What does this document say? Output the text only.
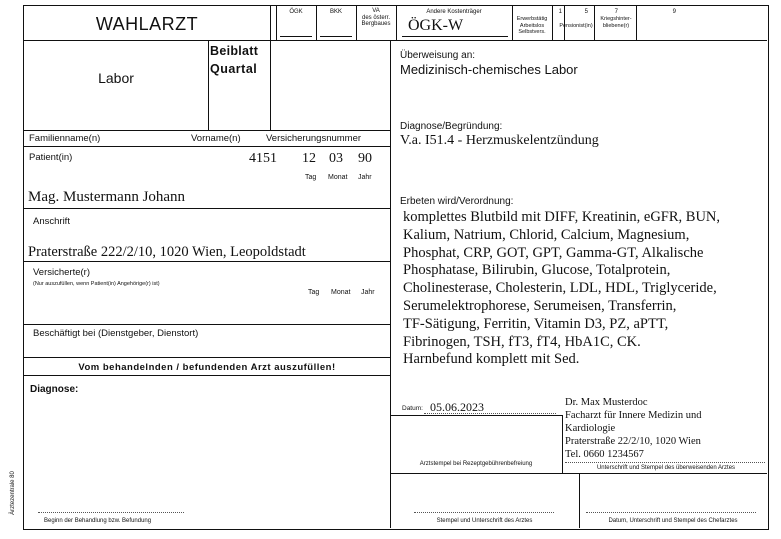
WAHLARZT
ÖGK	BKK	VA
des österr.
Bergbaues
Andere Kostenträger
ÖGK-W
1
Erwerbstätig
Arbeitslos
Selbstvers.
5
Pensionist(in)
7
Kriegshinter-
bliebene(r)
9
Labor
Beiblatt
Quartal
Familienname(n)	Vorname(n)	Versicherungsnummer
Patient(in)	4151 12 03 90
Tag Monat Jahr
Mag. Mustermann Johann
Anschrift
Praterstraße 222/2/10, 1020 Wien, Leopoldstadt
Versicherte(r)
(Nur auszufüllen, wenn Patient(in) Angehörige(r) ist)
Tag Monat Jahr
Beschäftigt bei (Dienstgeber, Dienstort)
Vom behandelnden / befundenden Arzt auszufüllen!
Diagnose:
Beginn der Behandlung bzw. Befundung
Überweisung an:
Medizinisch-chemisches Labor
Diagnose/Begründung:
V.a. I51.4 - Herzmuskelentzündung
Erbeten wird/Verordnung:
komplettes Blutbild mit DIFF, Kreatinin, eGFR, BUN,
Kalium, Natrium, Chlorid, Calcium, Magnesium,
Phosphat, CRP, GOT, GPT, Gamma-GT, Alkalische
Phosphatase, Bilirubin, Glucose, Totalprotein,
Cholinesterase, Cholesterin, LDL, HDL, Triglyceride,
Serumelektrophorese, Serumeisen, Transferrin,
TF-Sätigung, Ferritin, Vitamin D3, PZ, aPTT,
Fibrinogen, TSH, fT3, fT4, HbA1C, CK.
Harnbefund komplett mit Sed.
Datum: 05.06.2023	Dr. Max Musterdoc
Facharzt für Innere Medizin und
Kardiologie
Praterstraße 22/2/10, 1020 Wien
Tel. 0660 1234567
Arztstempel bei Rezeptgebührenbefreiung
Unterschrift und Stempel des überweisenden Arztes
Stempel und Unterschrift des Arztes	Datum, Unterschrift und Stempel des Chefarztes
Ärztezentrale 80
